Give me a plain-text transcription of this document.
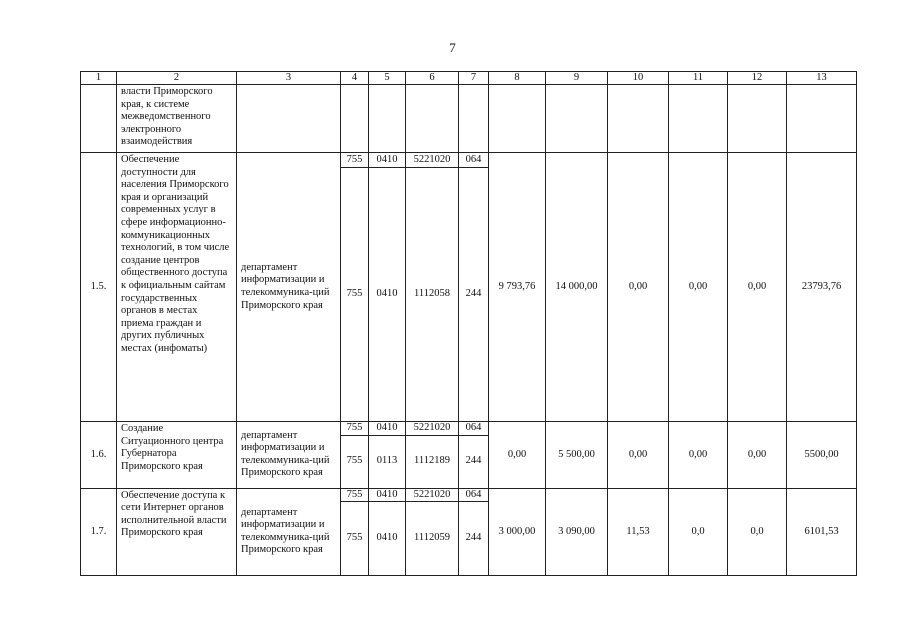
7
1	2	3	4	5	6	7	8	9	10	11	12	13
	власти Приморского края, к системе межведомственного электронного взаимодействия											
1.5.	Обеспечение доступности для населения Приморского края и организаций современных услуг в сфере информационно-коммуникационных технологий, в том числе создание центров общественного доступа к официальным сайтам государственных органов в местах приема граждан и других публичных местах (инфоматы)	департамент информатизации и телекоммуника-ций Приморского края	755	0410	5221020	064	9 793,76	14 000,00	0,00	0,00	0,00	23793,76
			755	0410	1112058	244						
1.6.	Создание Ситуационного центра Губернатора Приморского края	департамент информатизации и телекоммуника-ций Приморского края	755	0410	5221020	064	0,00	5 500,00	0,00	0,00	0,00	5500,00
			755	0113	1112189	244						
1.7.	Обеспечение доступа к сети Интернет органов исполнительной власти Приморского края	департамент информатизации и телекоммуника-ций Приморского края	755	0410	5221020	064	3 000,00	3 090,00	11,53	0,0	0,0	6101,53
			755	0410	1112059	244						
